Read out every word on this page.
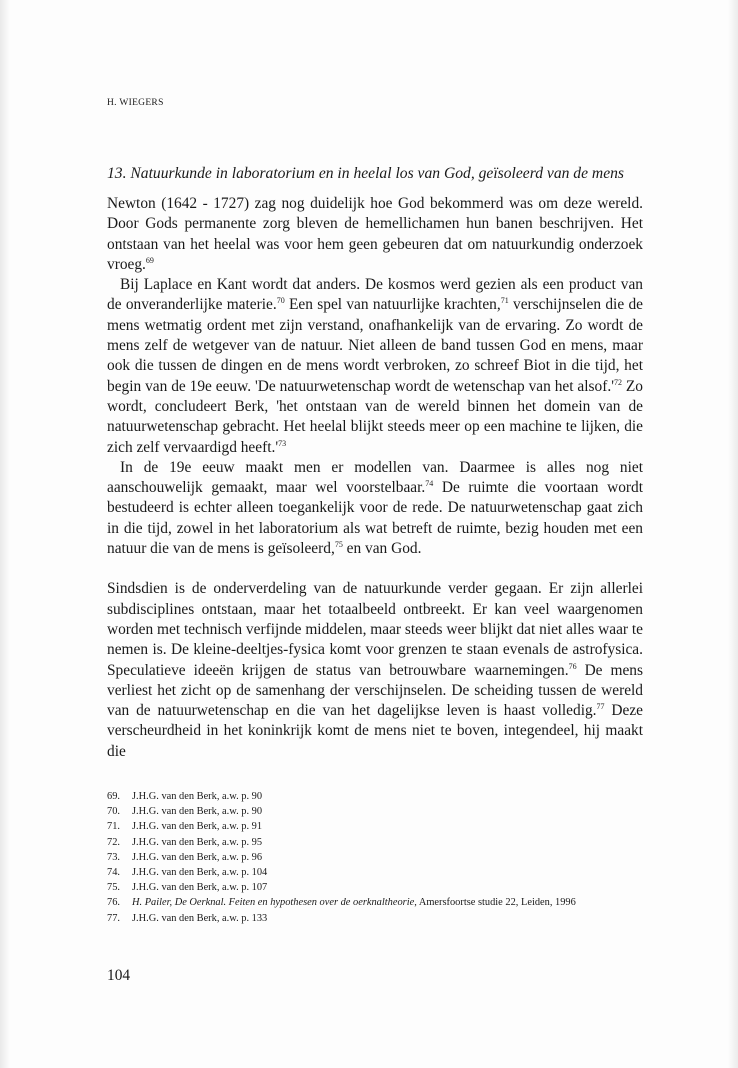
H. WIEGERS
13. Natuurkunde in laboratorium en in heelal los van God, geïsoleerd van de mens

Newton (1642 - 1727) zag nog duidelijk hoe God bekommerd was om deze wereld. Door Gods permanente zorg bleven de hemellichamen hun banen beschrijven. Het ontstaan van het heelal was voor hem geen gebeuren dat om natuurkundig onderzoek vroeg.$^{69}$

Bij Laplace en Kant wordt dat anders. De kosmos werd gezien als een product van de onveranderlijke materie.$^{70}$ Een spel van natuurlijke krachten,$^{71}$ verschijnselen die de mens wetmatig ordent met zijn verstand, onafhankelijk van de ervaring. Zo wordt de mens zelf de wetgever van de natuur. Niet alleen de band tussen God en mens, maar ook die tussen de dingen en de mens wordt verbroken, zo schreef Biot in die tijd, het begin van de 19e eeuw. 'De natuurwetenschap wordt de wetenschap van het $alsof.'^{72}$ Zo wordt, concludeert Berk, 'het ontstaan van de wereld binnen het domein van de natuurwetenschap gebracht. Het heelal blijkt steeds meer op een machine te lijken, die zich zelf vervaardigd $heeft.'^{73}$

In de 19e eeuw maakt men er modellen van. Daarmee is alles nog niet aanschouwelijk gemaakt, maar wel voorstelbaar.$^{74}$ De ruimte die voortaan wordt bestudeerd is echter alleen toegankelijk voor de rede. De natuurwetenschap gaat zich in die tijd, zowel in het laboratorium als wat betreft de ruimte, bezig houden met een natuur die van de mens is geïsoleerd,$^{75}$ en van God.

Sindsdien is de onderverdeling van de natuurkunde verder gegaan. Er zijn allerlei subdisciplines ontstaan, maar het totaalbeeld ontbreekt. Er kan veel waargenomen worden met technisch verfijnde middelen, maar steeds weer blijkt dat niet alles waar te nemen is. De kleine-deeltjes-fysica komt voor grenzen te staan evenals de astrofysica. Speculatieve ideeën krijgen de status van betrouwbare waarnemingen.$^{76}$ De mens verliest het zicht op de samenhang der verschijnselen. De scheiding tussen de wereld van de natuurwetenschap en die van het dagelijkse leven is haast volledig.$^{77}$ Deze verscheurdheid in het koninkrijk komt de mens niet te boven, integendeel, hij maakt die

69.	J.H.G. van den Berk, a.w. p. 90
70.	J.H.G. van den Berk, a.w. p. 90
71.	J.H.G. van den Berk, a.w. p. 91
72.	J.H.G. van den Berk, a.w. p. 95
73.	J.H.G. van den Berk, a.w. p. 96
74.	J.H.G. van den Berk, a.w. p. 104
75.	J.H.G. van den Berk, a.w. p. 107
76.	H. Pailer, De Oerknal. Feiten en hypothesen over de oerknaltheorie, Amersfoortse studie 22, Leiden, 1996
77.	J.H.G. van den Berk, a.w. p. 133
104
